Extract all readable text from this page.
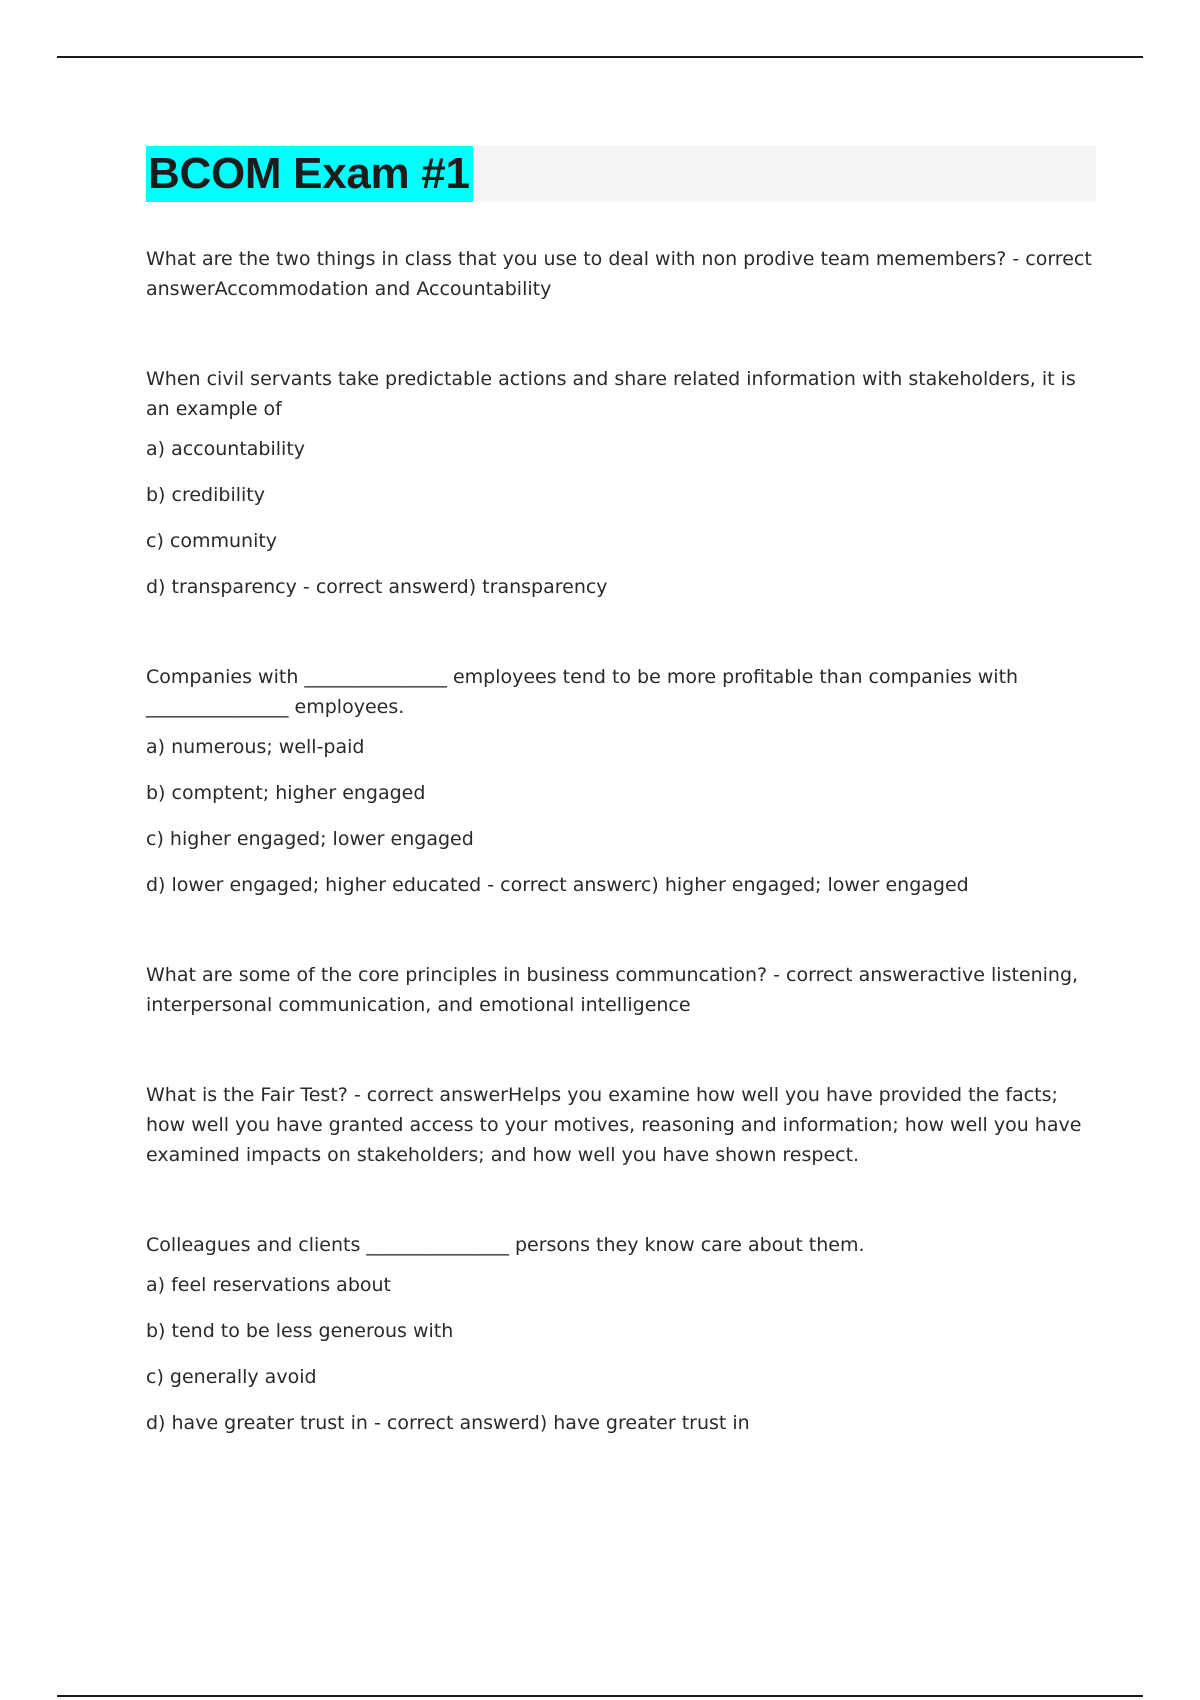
BCOM Exam #1

What are the two things in class that you use to deal with non prodive team memembers? - correct answerAccommodation and Accountability

When civil servants take predictable actions and share related information with stakeholders, it is an example of

a) accountability

b) credibility

c) community

d) transparency - correct answerd) transparency

Companies with _______________ employees tend to be more profitable than companies with _______________ employees.

a) numerous; well-paid

b) comptent; higher engaged

c) higher engaged; lower engaged

d) lower engaged; higher educated - correct answerc) higher engaged; lower engaged

What are some of the core principles in business communcation? - correct answeractive listening, interpersonal communication, and emotional intelligence

What is the Fair Test? - correct answerHelps you examine how well you have provided the facts; how well you have granted access to your motives, reasoning and information; how well you have examined impacts on stakeholders; and how well you have shown respect.

Colleagues and clients _______________ persons they know care about them.

a) feel reservations about

b) tend to be less generous with

c) generally avoid

d) have greater trust in - correct answerd) have greater trust in
